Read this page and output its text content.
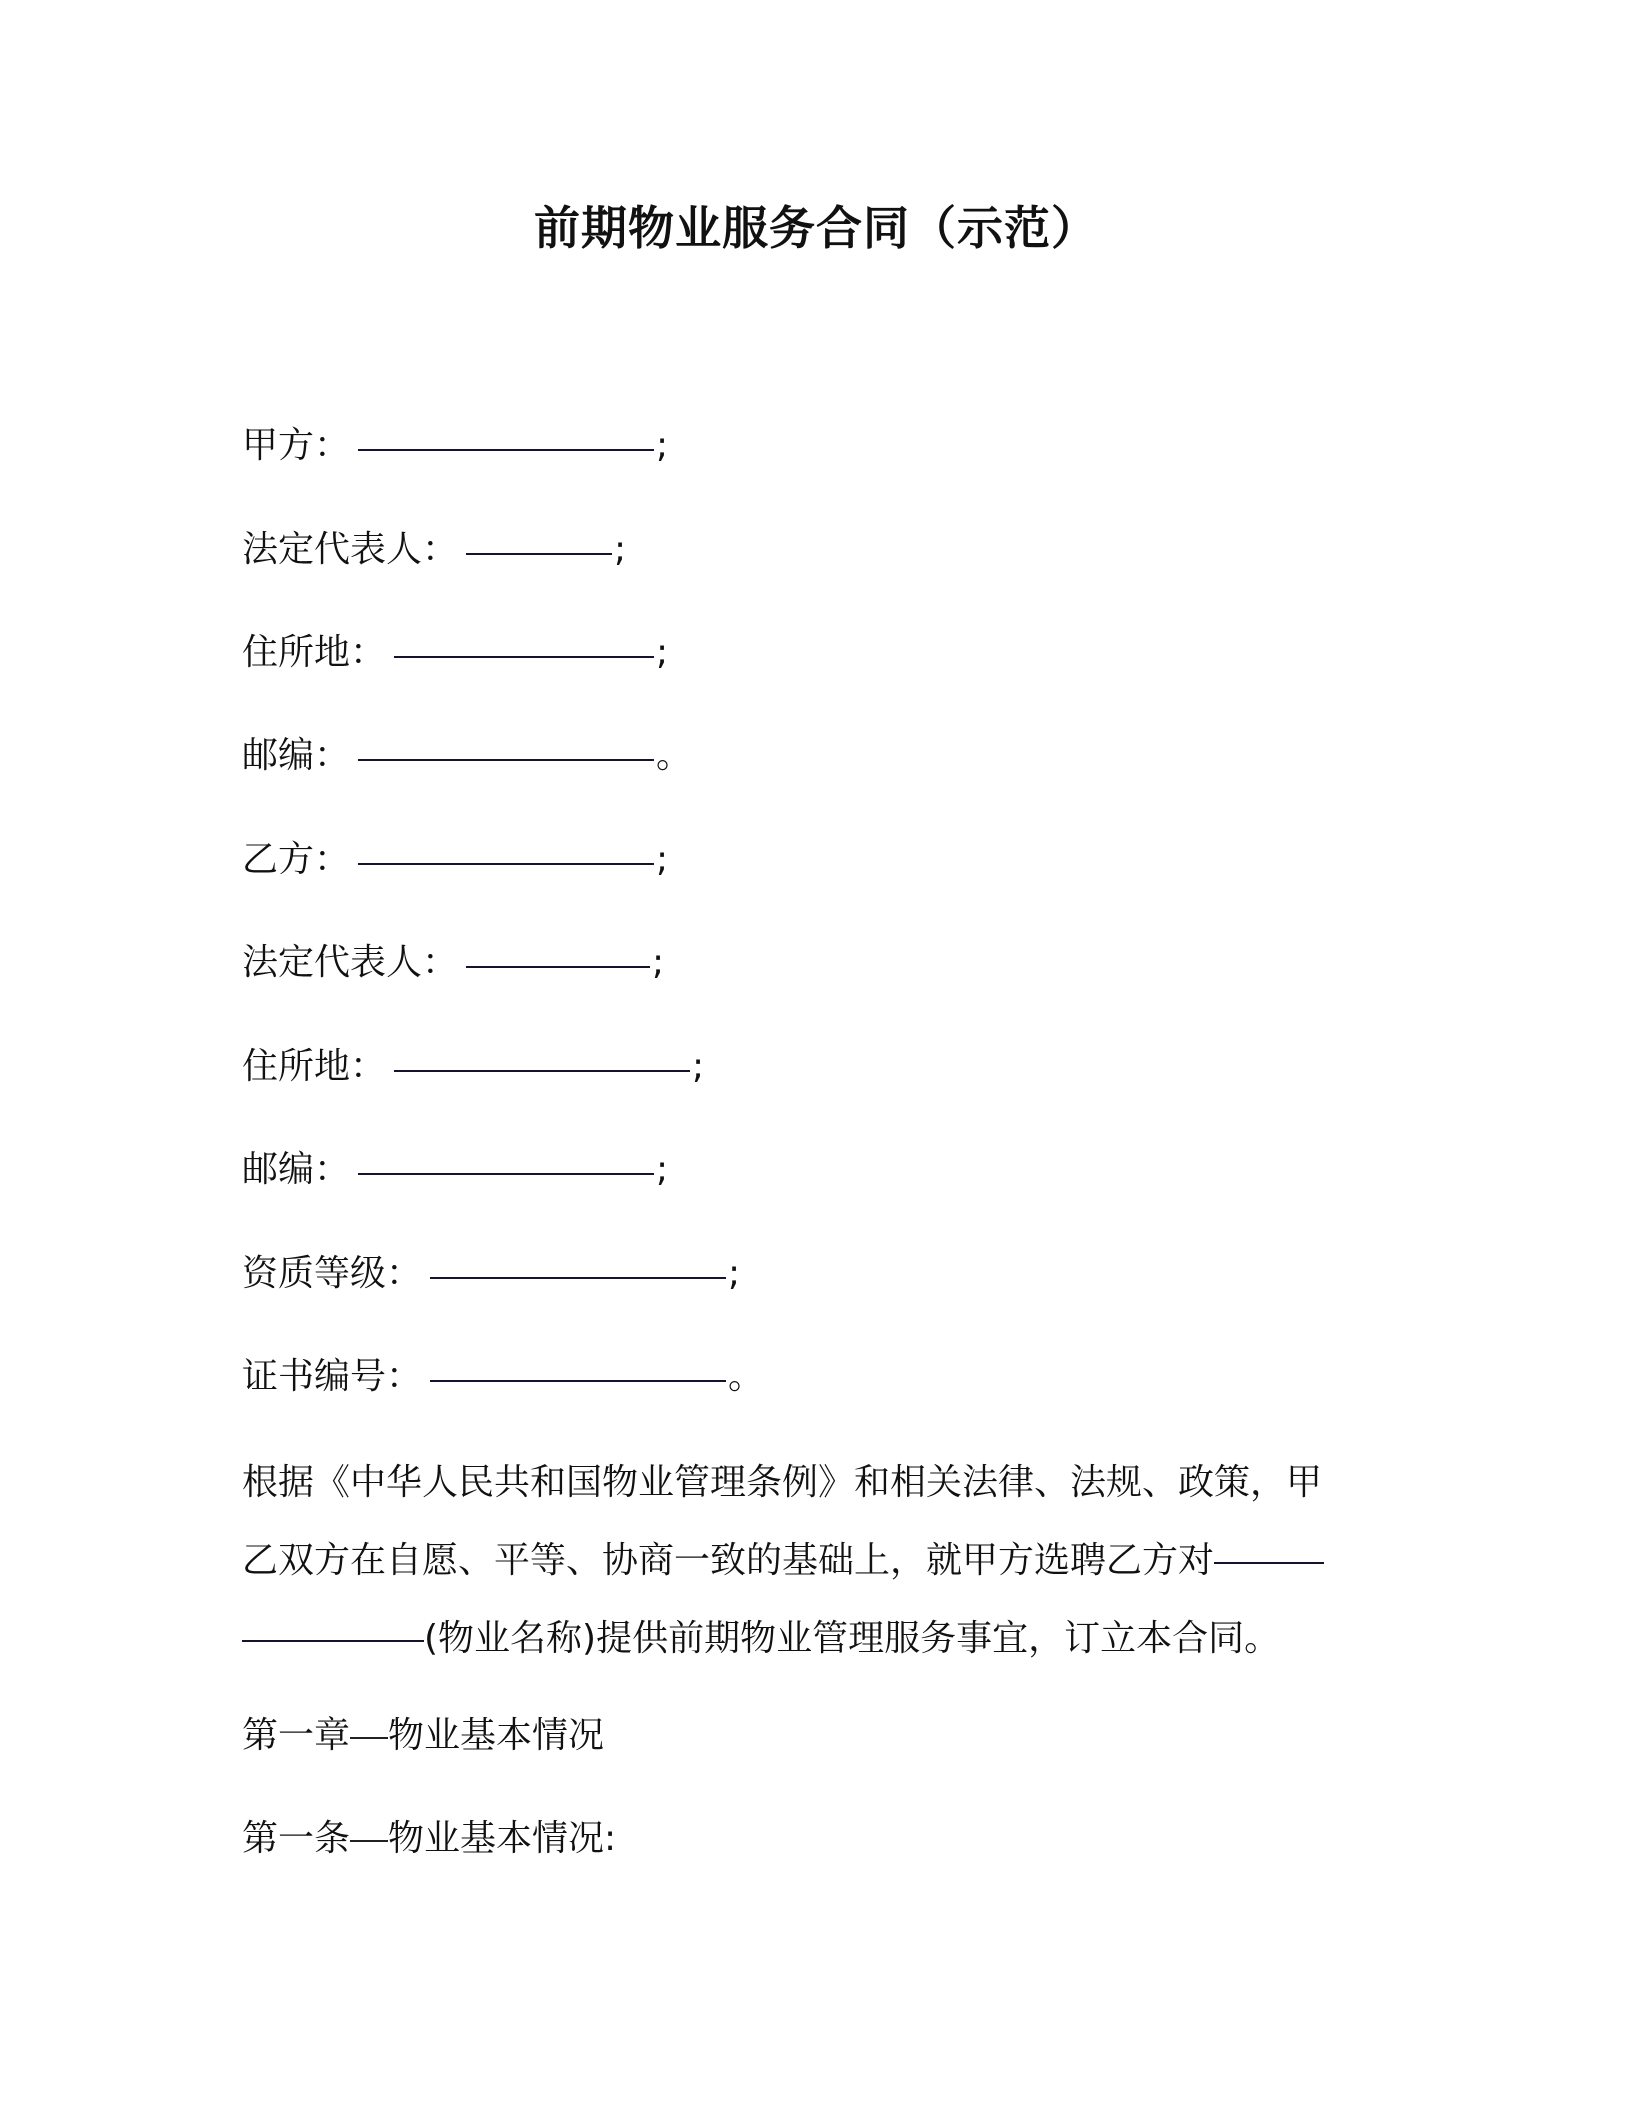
前期物业服务合同（示范）
甲方：	;
法定代表人：	;
住所地：	;
邮编：	。
乙方：	;
法定代表人：	;
住所地：	;
邮编：	;
资质等级：	;
证书编号：	。
根据《中华人民共和国物业管理条例》和相关法律、法规、政策，甲
乙双方在自愿、平等、协商一致的基础上，就甲方选聘乙方对
(物业名称)提供前期物业管理服务事宜，订立本合同。
第一章 物业基本情况
第一条 物业基本情况:
